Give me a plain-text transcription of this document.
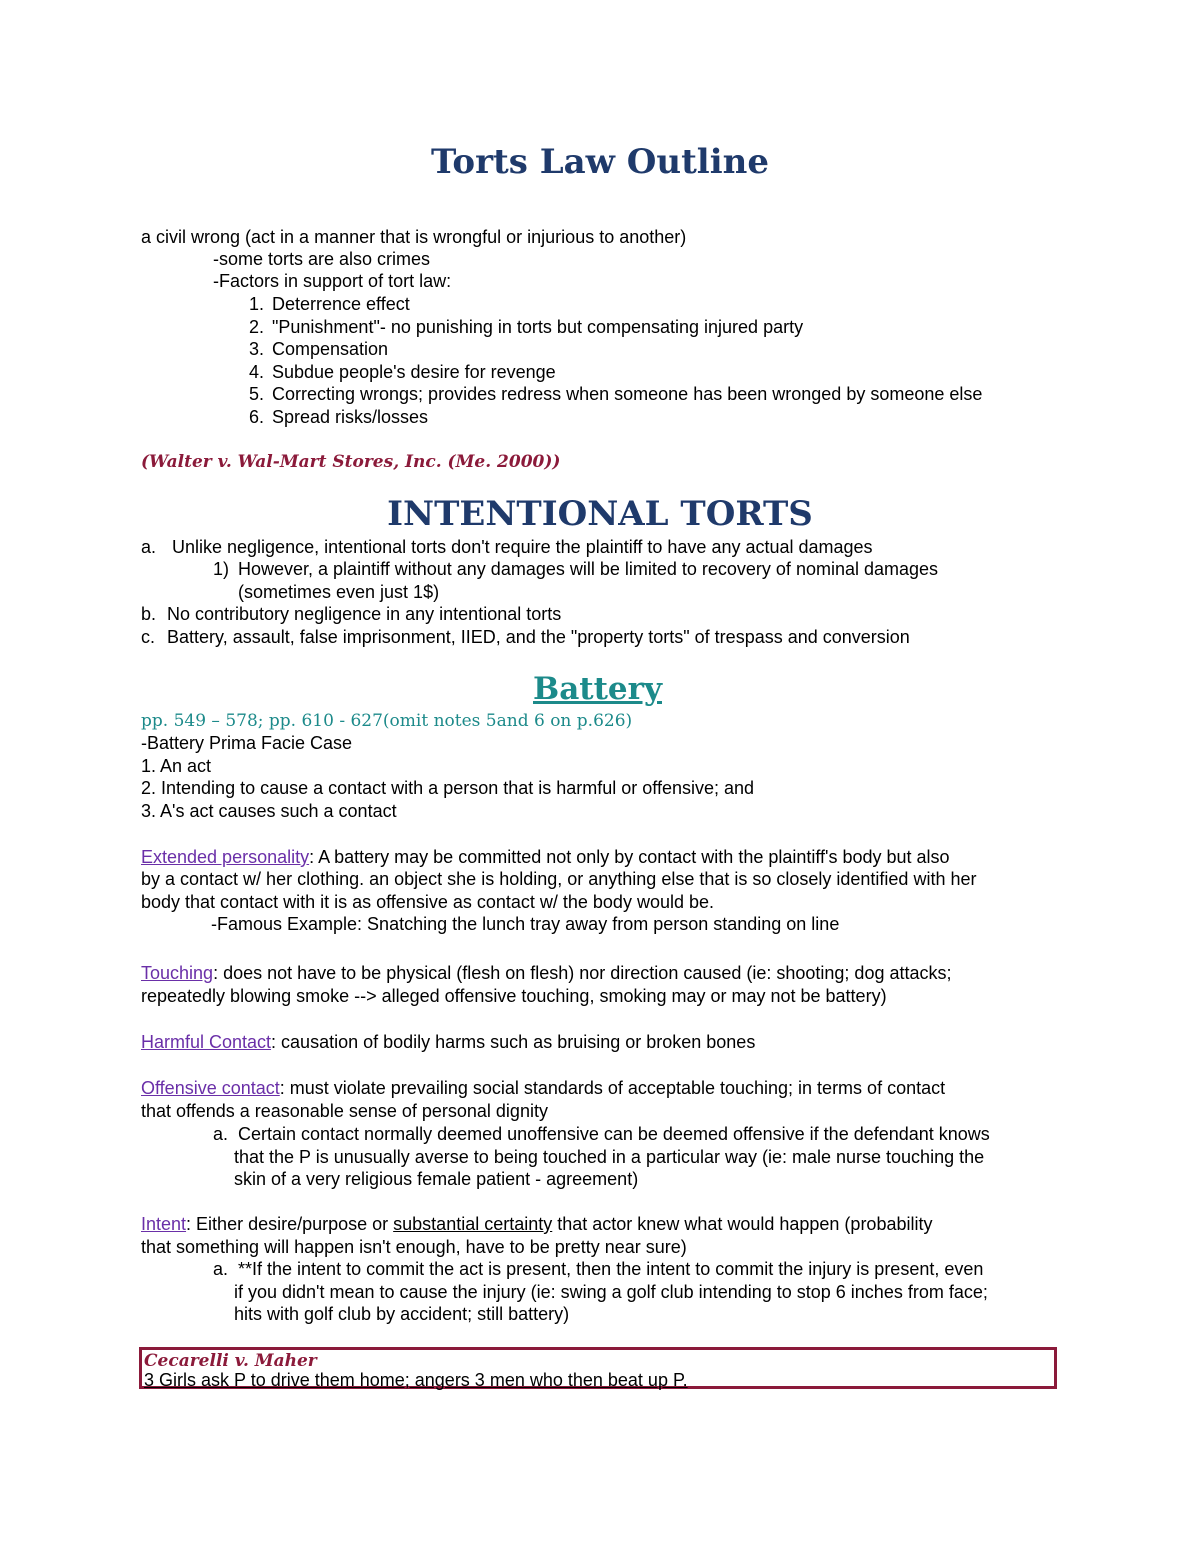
Torts Law Outline
a civil wrong (act in a manner that is wrongful or injurious to another)
-some torts are also crimes
-Factors in support of tort law:
1. Deterrence effect
2. "Punishment"- no punishing in torts but compensating injured party
3. Compensation
4. Subdue people's desire for revenge
5. Correcting wrongs; provides redress when someone has been wronged by someone else
6. Spread risks/losses
(Walter v. Wal-Mart Stores, Inc. (Me. 2000))
INTENTIONAL TORTS
a. Unlike negligence, intentional torts don't require the plaintiff to have any actual damages
1) However, a plaintiff without any damages will be limited to recovery of nominal damages
(sometimes even just 1$)
b. No contributory negligence in any intentional torts
c. Battery, assault, false imprisonment, IIED, and the "property torts" of trespass and conversion
Battery
pp. 549 – 578; pp. 610 - 627(omit notes 5and 6 on p.626)
-Battery Prima Facie Case
1. An act
2. Intending to cause a contact with a person that is harmful or offensive; and
3. A's act causes such a contact
Extended personality: A battery may be committed not only by contact with the plaintiff's body but also
by a contact w/ her clothing. an object she is holding, or anything else that is so closely identified with her
body that contact with it is as offensive as contact w/ the body would be.
-Famous Example: Snatching the lunch tray away from person standing on line
Touching: does not have to be physical (flesh on flesh) nor direction caused (ie: shooting; dog attacks;
repeatedly blowing smoke --> alleged offensive touching, smoking may or may not be battery)
Harmful Contact: causation of bodily harms such as bruising or broken bones
Offensive contact: must violate prevailing social standards of acceptable touching; in terms of contact
that offends a reasonable sense of personal dignity
a. Certain contact normally deemed unoffensive can be deemed offensive if the defendant knows
that the P is unusually averse to being touched in a particular way (ie: male nurse touching the
skin of a very religious female patient - agreement)
Intent: Either desire/purpose or substantial certainty that actor knew what would happen (probability
that something will happen isn't enough, have to be pretty near sure)
a. **If the intent to commit the act is present, then the intent to commit the injury is present, even
if you didn't mean to cause the injury (ie: swing a golf club intending to stop 6 inches from face;
hits with golf club by accident; still battery)
Cecarelli v. Maher
3 Girls ask P to drive them home; angers 3 men who then beat up P.
